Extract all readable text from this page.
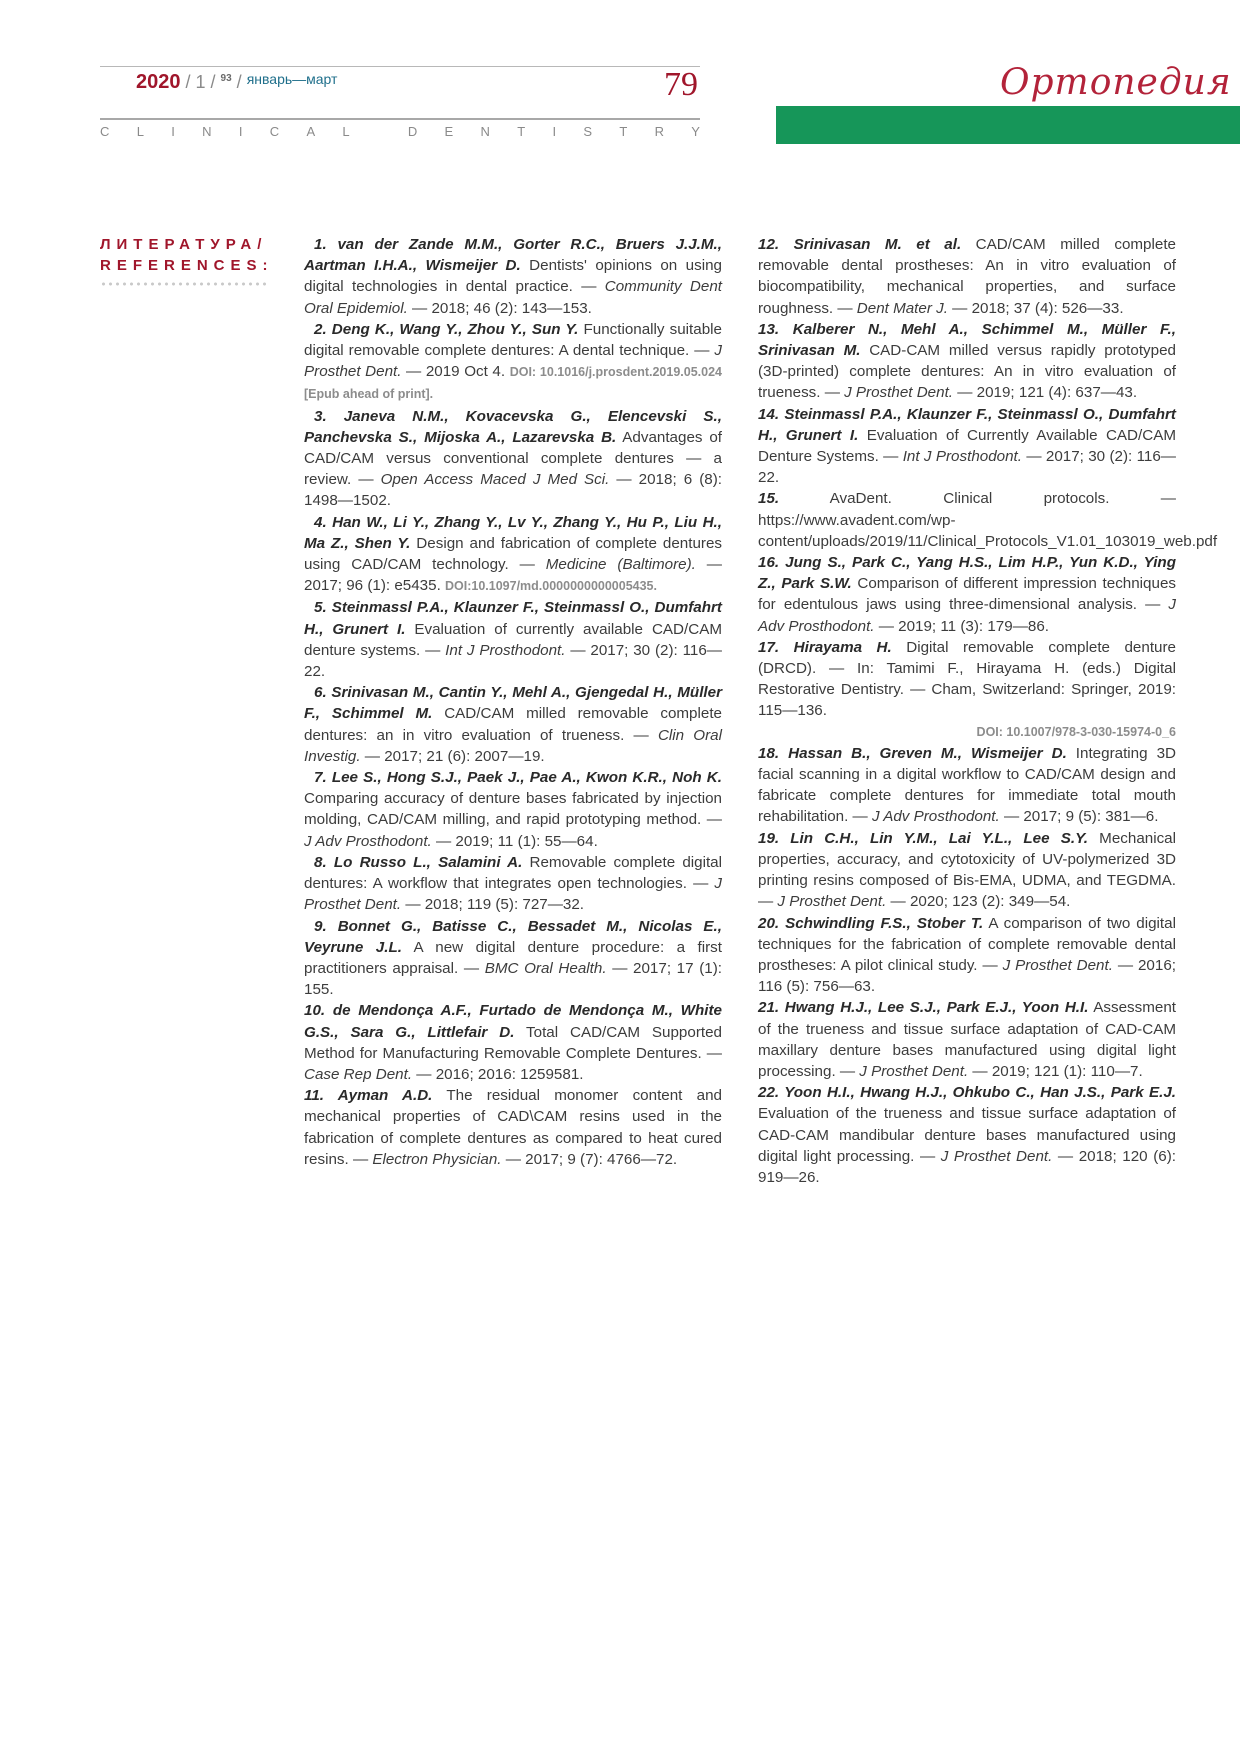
2020 / 1 / $^{93}$ / $^{январь—март}$	79
C L I N I C A L
	D E N T I S T R Y
Ортопедия
ЛИТЕРАТУРА/
REFERENCES:

1. van der Zande M.M., Gorter R.C., Bruers J.J.M., Aartman I.H.A., Wismeijer D. Dentists' opinions on using digital technologies in dental practice. — Community Dent Oral Epidemiol. — 2018; 46 (2): 143—153.

2. Deng K., Wang Y., Zhou Y., Sun Y. Functionally suitable digital removable complete dentures: A dental technique. — J Prosthet Dent. — 2019 Oct 4. DOI: 10.1016/j.prosdent.2019.05.024 [Epub ahead of print].

3. Janeva N.M., Kovacevska G., Elencevski S., Panchevska S., Mijoska A., Lazarevska B. Advantages of CAD/CAM versus conventional complete dentures — a review. — Open Access Maced J Med Sci. — 2018; 6 (8): 1498—1502.

4. Han W., Li Y., Zhang Y., Lv Y., Zhang Y., Hu P., Liu H., Ma Z., Shen Y. Design and fabrication of complete dentures using CAD/CAM technology. — Medicine (Baltimore). — 2017; 96 (1): e5435. DOI:10.1097/md.0000000000005435.

5. Steinmassl P.A., Klaunzer F., Steinmassl O., Dumfahrt H., Grunert I. Evaluation of currently available CAD/CAM denture systems. — Int J Prosthodont. — 2017; 30 (2): 116—22.

6. Srinivasan M., Cantin Y., Mehl A., Gjengedal H., Müller F., Schimmel M. CAD/CAM milled removable complete dentures: an in vitro evaluation of trueness. — Clin Oral Investig. — 2017; 21 (6): 2007—19.

7. Lee S., Hong S.J., Paek J., Pae A., Kwon K.R., Noh K. Comparing accuracy of denture bases fabricated by injection molding, CAD/CAM milling, and rapid prototyping method. — J Adv Prosthodont. — 2019; 11 (1): 55—64.

8. Lo Russo L., Salamini A. Removable complete digital dentures: A workflow that integrates open technologies. — J Prosthet Dent. — 2018; 119 (5): 727—32.

9. Bonnet G., Batisse C., Bessadet M., Nicolas E., Veyrune J.L. A new digital denture procedure: a first practitioners appraisal. — BMC Oral Health. — 2017; 17 (1): 155.

10. de Mendonça A.F., Furtado de Mendonça M., White G.S., Sara G., Littlefair D. Total CAD/CAM Supported Method for Manufacturing Removable Complete Dentures. — Case Rep Dent. — 2016; 2016: 1259581.

11. Ayman A.D. The residual monomer content and mechanical properties of CAD\CAM resins used in the fabrication of complete dentures as compared to heat cured resins. — Electron Physician. — 2017; 9 (7): 4766—72.

12. Srinivasan M. et al. CAD/CAM milled complete removable dental prostheses: An in vitro evaluation of biocompatibility, mechanical properties, and surface roughness. — Dent Mater J. — 2018; 37 (4): 526—33.

13. Kalberer N., Mehl A., Schimmel M., Müller F., Srinivasan M. CAD-CAM milled versus rapidly prototyped (3D-printed) complete dentures: An in vitro evaluation of trueness. — J Prosthet Dent. — 2019; 121 (4): 637—43.

14. Steinmassl P.A., Klaunzer F., Steinmassl O., Dumfahrt H., Grunert I. Evaluation of Currently Available CAD/CAM Denture Systems. — Int J Prosthodont. — 2017; 30 (2): 116—22.

15. AvaDent. Clinical protocols. — https://www.avadent.com/wp-content/uploads/2019/11/Clinical_Protocols_V1.01_103019_web.pdf

16. Jung S., Park C., Yang H.S., Lim H.P., Yun K.D., Ying Z., Park S.W. Comparison of different impression techniques for edentulous jaws using three-dimensional analysis. — J Adv Prosthodont. — 2019; 11 (3): 179—86.

17. Hirayama H. Digital removable complete denture (DRCD). — In: Tamimi F., Hirayama H. (eds.) Digital Restorative Dentistry. — Cham, Switzerland: Springer, 2019: 115—136.
DOI: 10.1007/978-3-030-15974-0_6

18. Hassan B., Greven M., Wismeijer D. Integrating 3D facial scanning in a digital workflow to CAD/CAM design and fabricate complete dentures for immediate total mouth rehabilitation. — J Adv Prosthodont. — 2017; 9 (5): 381—6.

19. Lin C.H., Lin Y.M., Lai Y.L., Lee S.Y. Mechanical properties, accuracy, and cytotoxicity of UV-polymerized 3D printing resins composed of Bis-EMA, UDMA, and TEGDMA. — J Prosthet Dent. — 2020; 123 (2): 349—54.

20. Schwindling F.S., Stober T. A comparison of two digital techniques for the fabrication of complete removable dental prostheses: A pilot clinical study. — J Prosthet Dent. — 2016; 116 (5): 756—63.

21. Hwang H.J., Lee S.J., Park E.J., Yoon H.I. Assessment of the trueness and tissue surface adaptation of CAD-CAM maxillary denture bases manufactured using digital light processing. — J Prosthet Dent. — 2019; 121 (1): 110—7.

22. Yoon H.I., Hwang H.J., Ohkubo C., Han J.S., Park E.J. Evaluation of the trueness and tissue surface adaptation of CAD-CAM mandibular denture bases manufactured using digital light processing. — J Prosthet Dent. — 2018; 120 (6): 919—26.
